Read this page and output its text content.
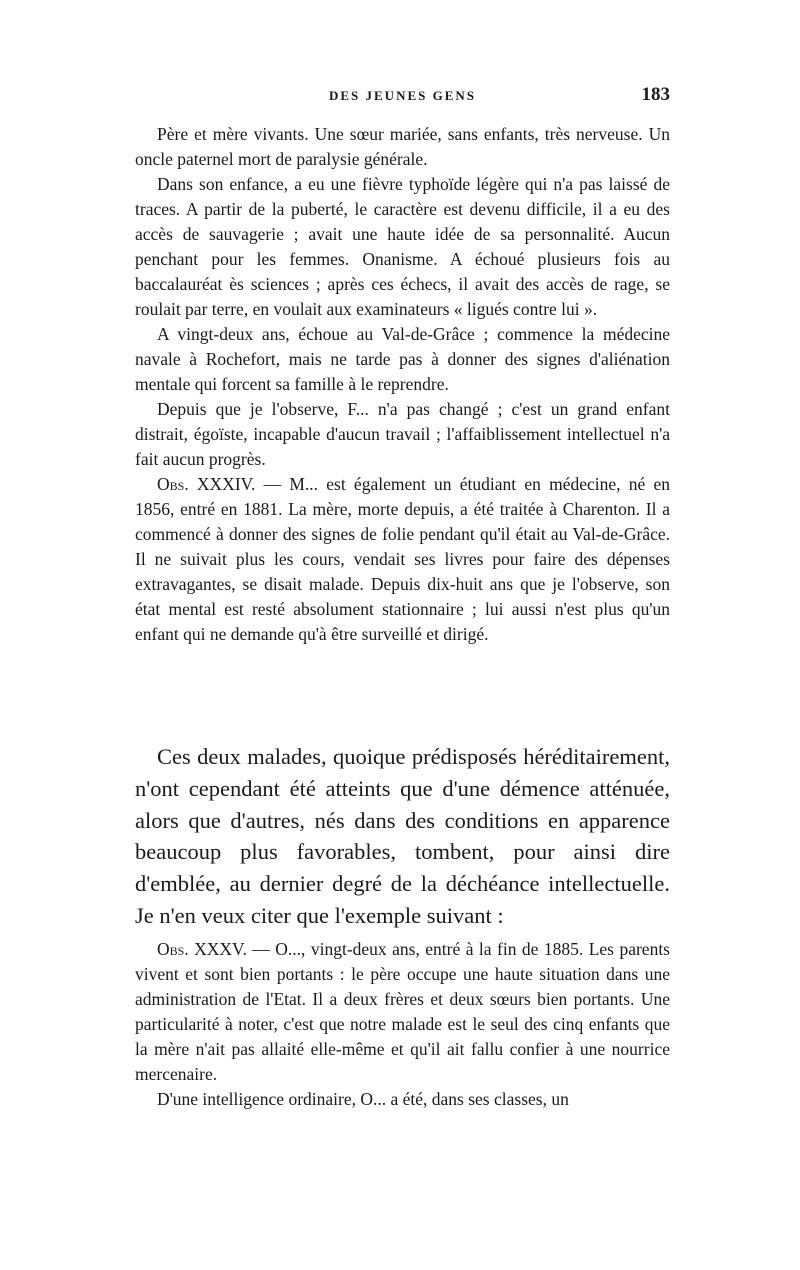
DES JEUNES GENS	183

Père et mère vivants. Une sœur mariée, sans enfants, très nerveuse. Un oncle paternel mort de paralysie générale.

Dans son enfance, a eu une fièvre typhoïde légère qui n'a pas laissé de traces. A partir de la puberté, le caractère est devenu difficile, il a eu des accès de sauvagerie ; avait une haute idée de sa personnalité. Aucun penchant pour les femmes. Onanisme. A échoué plusieurs fois au baccalauréat ès sciences ; après ces échecs, il avait des accès de rage, se roulait par terre, en voulait aux examinateurs « ligués contre lui ».

A vingt-deux ans, échoue au Val-de-Grâce ; commence la médecine navale à Rochefort, mais ne tarde pas à donner des signes d'aliénation mentale qui forcent sa famille à le reprendre.

Depuis que je l'observe, F... n'a pas changé ; c'est un grand enfant distrait, égoïste, incapable d'aucun travail ; l'affaiblissement intellectuel n'a fait aucun progrès.

Obs. XXXIV. — M... est également un étudiant en médecine, né en 1856, entré en 1881. La mère, morte depuis, a été traitée à Charenton. Il a commencé à donner des signes de folie pendant qu'il était au Val-de-Grâce. Il ne suivait plus les cours, vendait ses livres pour faire des dépenses extravagantes, se disait malade. Depuis dix-huit ans que je l'observe, son état mental est resté absolument stationnaire ; lui aussi n'est plus qu'un enfant qui ne demande qu'à être surveillé et dirigé.

Ces deux malades, quoique prédisposés héréditairement, n'ont cependant été atteints que d'une démence atténuée, alors que d'autres, nés dans des conditions en apparence beaucoup plus favorables, tombent, pour ainsi dire d'emblée, au dernier degré de la déchéance intellectuelle. Je n'en veux citer que l'exemple suivant :

Obs. XXXV. — O..., vingt-deux ans, entré à la fin de 1885. Les parents vivent et sont bien portants : le père occupe une haute situation dans une administration de l'Etat. Il a deux frères et deux sœurs bien portants. Une particularité à noter, c'est que notre malade est le seul des cinq enfants que la mère n'ait pas allaité elle-même et qu'il ait fallu confier à une nourrice mercenaire.

D'une intelligence ordinaire, O... a été, dans ses classes, un
